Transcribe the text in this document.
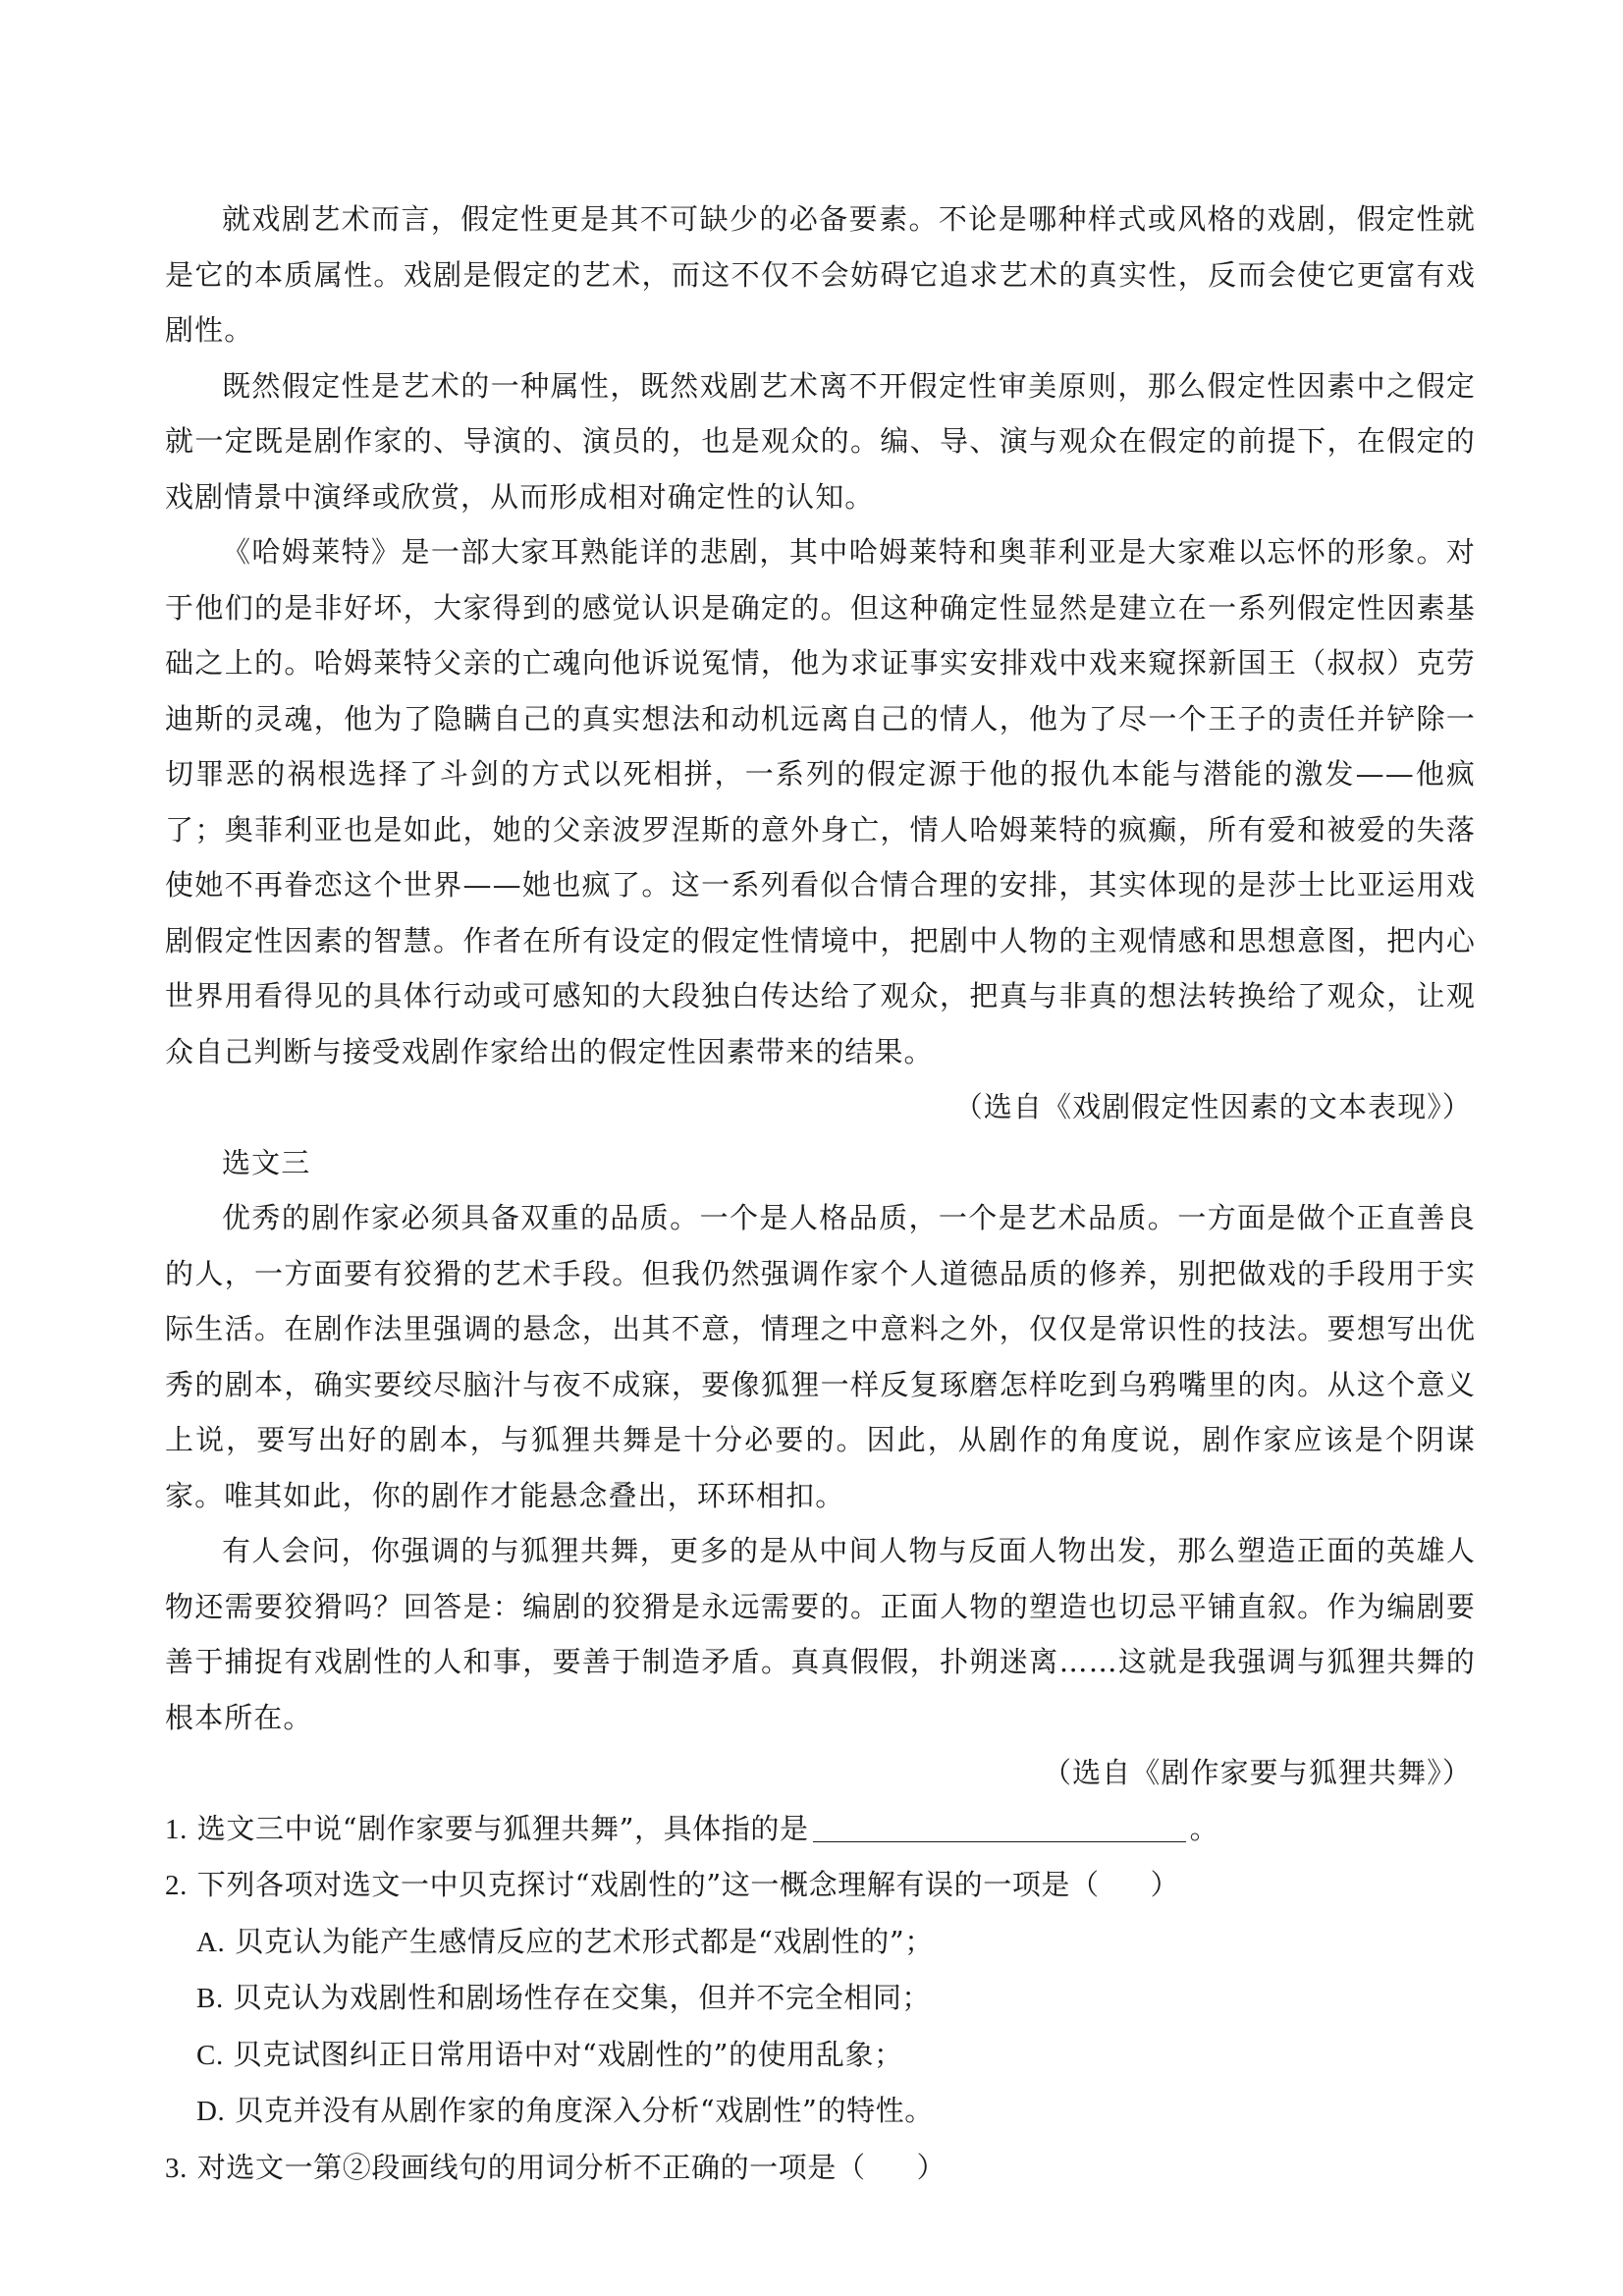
就戏剧艺术而言，假定性更是其不可缺少的必备要素。不论是哪种样式或风格的戏剧，假定性就是它的本质属性。戏剧是假定的艺术，而这不仅不会妨碍它追求艺术的真实性，反而会使它更富有戏剧性。

既然假定性是艺术的一种属性，既然戏剧艺术离不开假定性审美原则，那么假定性因素中之假定就一定既是剧作家的、导演的、演员的，也是观众的。编、导、演与观众在假定的前提下，在假定的戏剧情景中演绎或欣赏，从而形成相对确定性的认知。

《哈姆莱特》是一部大家耳熟能详的悲剧，其中哈姆莱特和奥菲利亚是大家难以忘怀的形象。对于他们的是非好坏，大家得到的感觉认识是确定的。但这种确定性显然是建立在一系列假定性因素基础之上的。哈姆莱特父亲的亡魂向他诉说冤情，他为求证事实安排戏中戏来窥探新国王（叔叔）克劳迪斯的灵魂，他为了隐瞒自己的真实想法和动机远离自己的情人，他为了尽一个王子的责任并铲除一切罪恶的祸根选择了斗剑的方式以死相拼，一系列的假定源于他的报仇本能与潜能的激发——他疯了；奥菲利亚也是如此，她的父亲波罗涅斯的意外身亡，情人哈姆莱特的疯癫，所有爱和被爱的失落使她不再眷恋这个世界——她也疯了。这一系列看似合情合理的安排，其实体现的是莎士比亚运用戏剧假定性因素的智慧。作者在所有设定的假定性情境中，把剧中人物的主观情感和思想意图，把内心世界用看得见的具体行动或可感知的大段独白传达给了观众，把真与非真的想法转换给了观众，让观众自己判断与接受戏剧作家给出的假定性因素带来的结果。

（选自《戏剧假定性因素的文本表现》）

选文三

优秀的剧作家必须具备双重的品质。一个是人格品质，一个是艺术品质。一方面是做个正直善良的人，一方面要有狡猾的艺术手段。但我仍然强调作家个人道德品质的修养，别把做戏的手段用于实际生活。在剧作法里强调的悬念，出其不意，情理之中意料之外，仅仅是常识性的技法。要想写出优秀的剧本，确实要绞尽脑汁与夜不成寐，要像狐狸一样反复琢磨怎样吃到乌鸦嘴里的肉。从这个意义上说，要写出好的剧本，与狐狸共舞是十分必要的。因此，从剧作的角度说，剧作家应该是个阴谋家。唯其如此，你的剧作才能悬念叠出，环环相扣。

有人会问，你强调的与狐狸共舞，更多的是从中间人物与反面人物出发，那么塑造正面的英雄人物还需要狡猾吗？回答是：编剧的狡猾是永远需要的。正面人物的塑造也切忌平铺直叙。作为编剧要善于捕捉有戏剧性的人和事，要善于制造矛盾。真真假假，扑朔迷离……这就是我强调与狐狸共舞的根本所在。

（选自《剧作家要与狐狸共舞》）

1. 选文三中说“剧作家要与狐狸共舞”，具体指的是	。

2. 下列各项对选文一中贝克探讨“戏剧性的”这一概念理解有误的一项是（ ）

A. 贝克认为能产生感情反应的艺术形式都是“戏剧性的”；

B. 贝克认为戏剧性和剧场性存在交集，但并不完全相同；

C. 贝克试图纠正日常用语中对“戏剧性的”的使用乱象；

D. 贝克并没有从剧作家的角度深入分析“戏剧性”的特性。

3. 对选文一第②段画线句的用词分析不正确的一项是（ ）
